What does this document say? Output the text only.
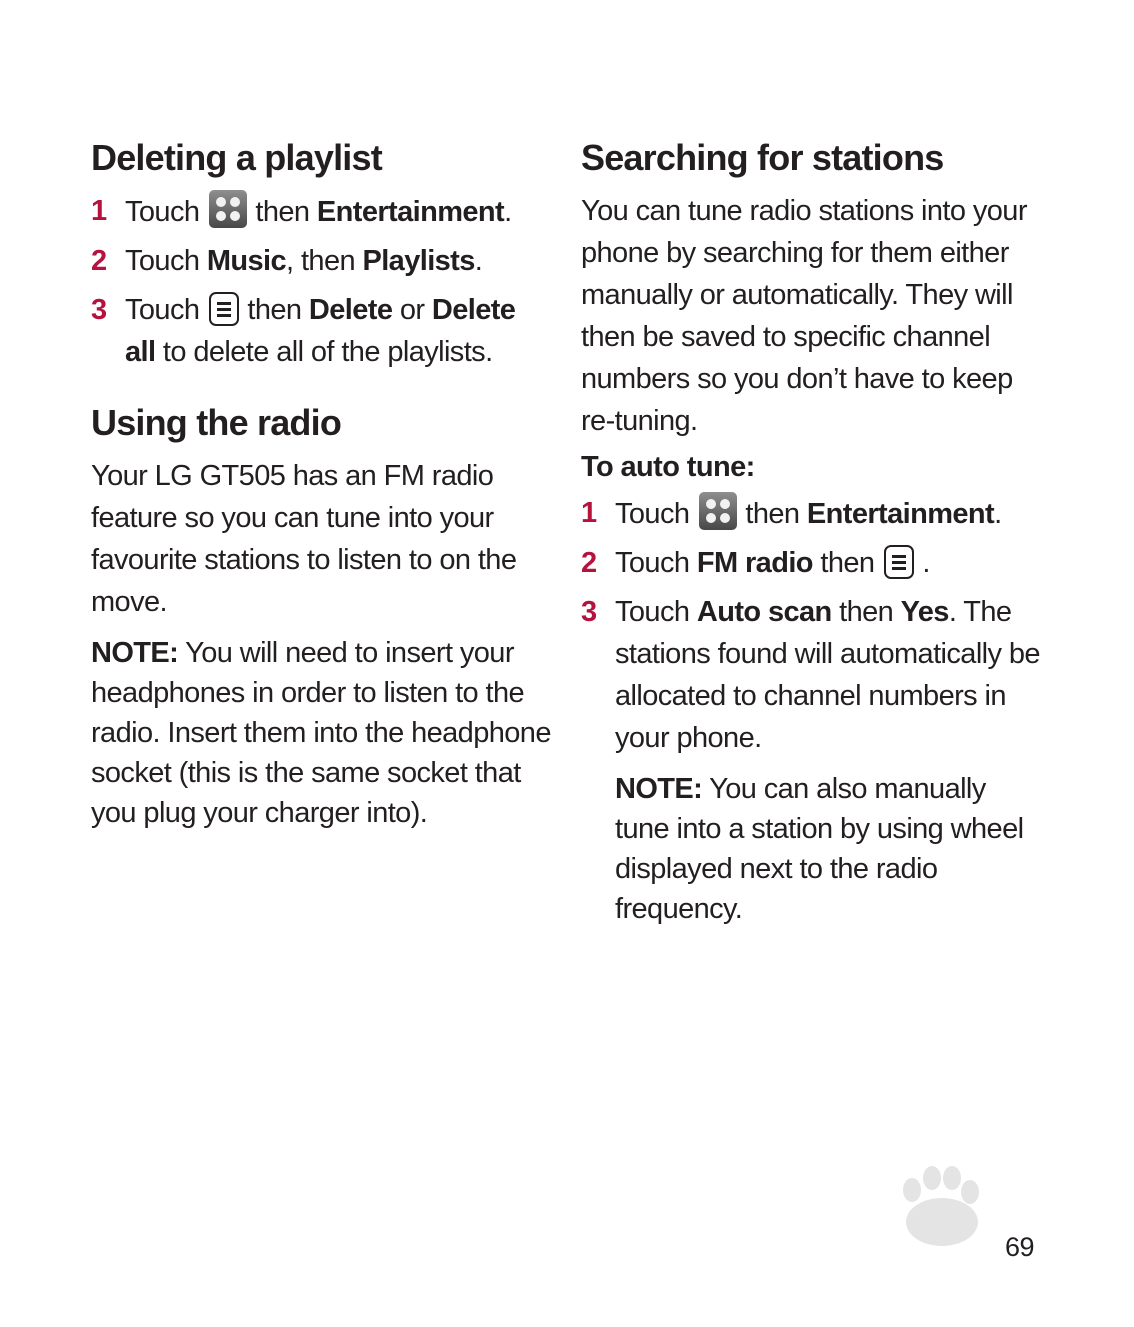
Deleting a playlist
1 Touch then Entertainment.
2 Touch Music, then Playlists.
3 Touch then Delete or Delete all to delete all of the playlists.
Using the radio

Your LG GT505 has an FM radio feature so you can tune into your favourite stations to listen to on the move.

NOTE: You will need to insert your headphones in order to listen to the radio. Insert them into the headphone socket (this is the same socket that you plug your charger into).

Searching for stations

You can tune radio stations into your phone by searching for them either manually or automatically. They will then be saved to specific channel numbers so you don’t have to keep re-tuning.

To auto tune:
1 Touch then Entertainment.
2 Touch FM radio then .
3 Touch Auto scan then Yes. The stations found will automatically be allocated to channel numbers in your phone.

NOTE: You can also manually tune into a station by using wheel displayed next to the radio frequency.

69
